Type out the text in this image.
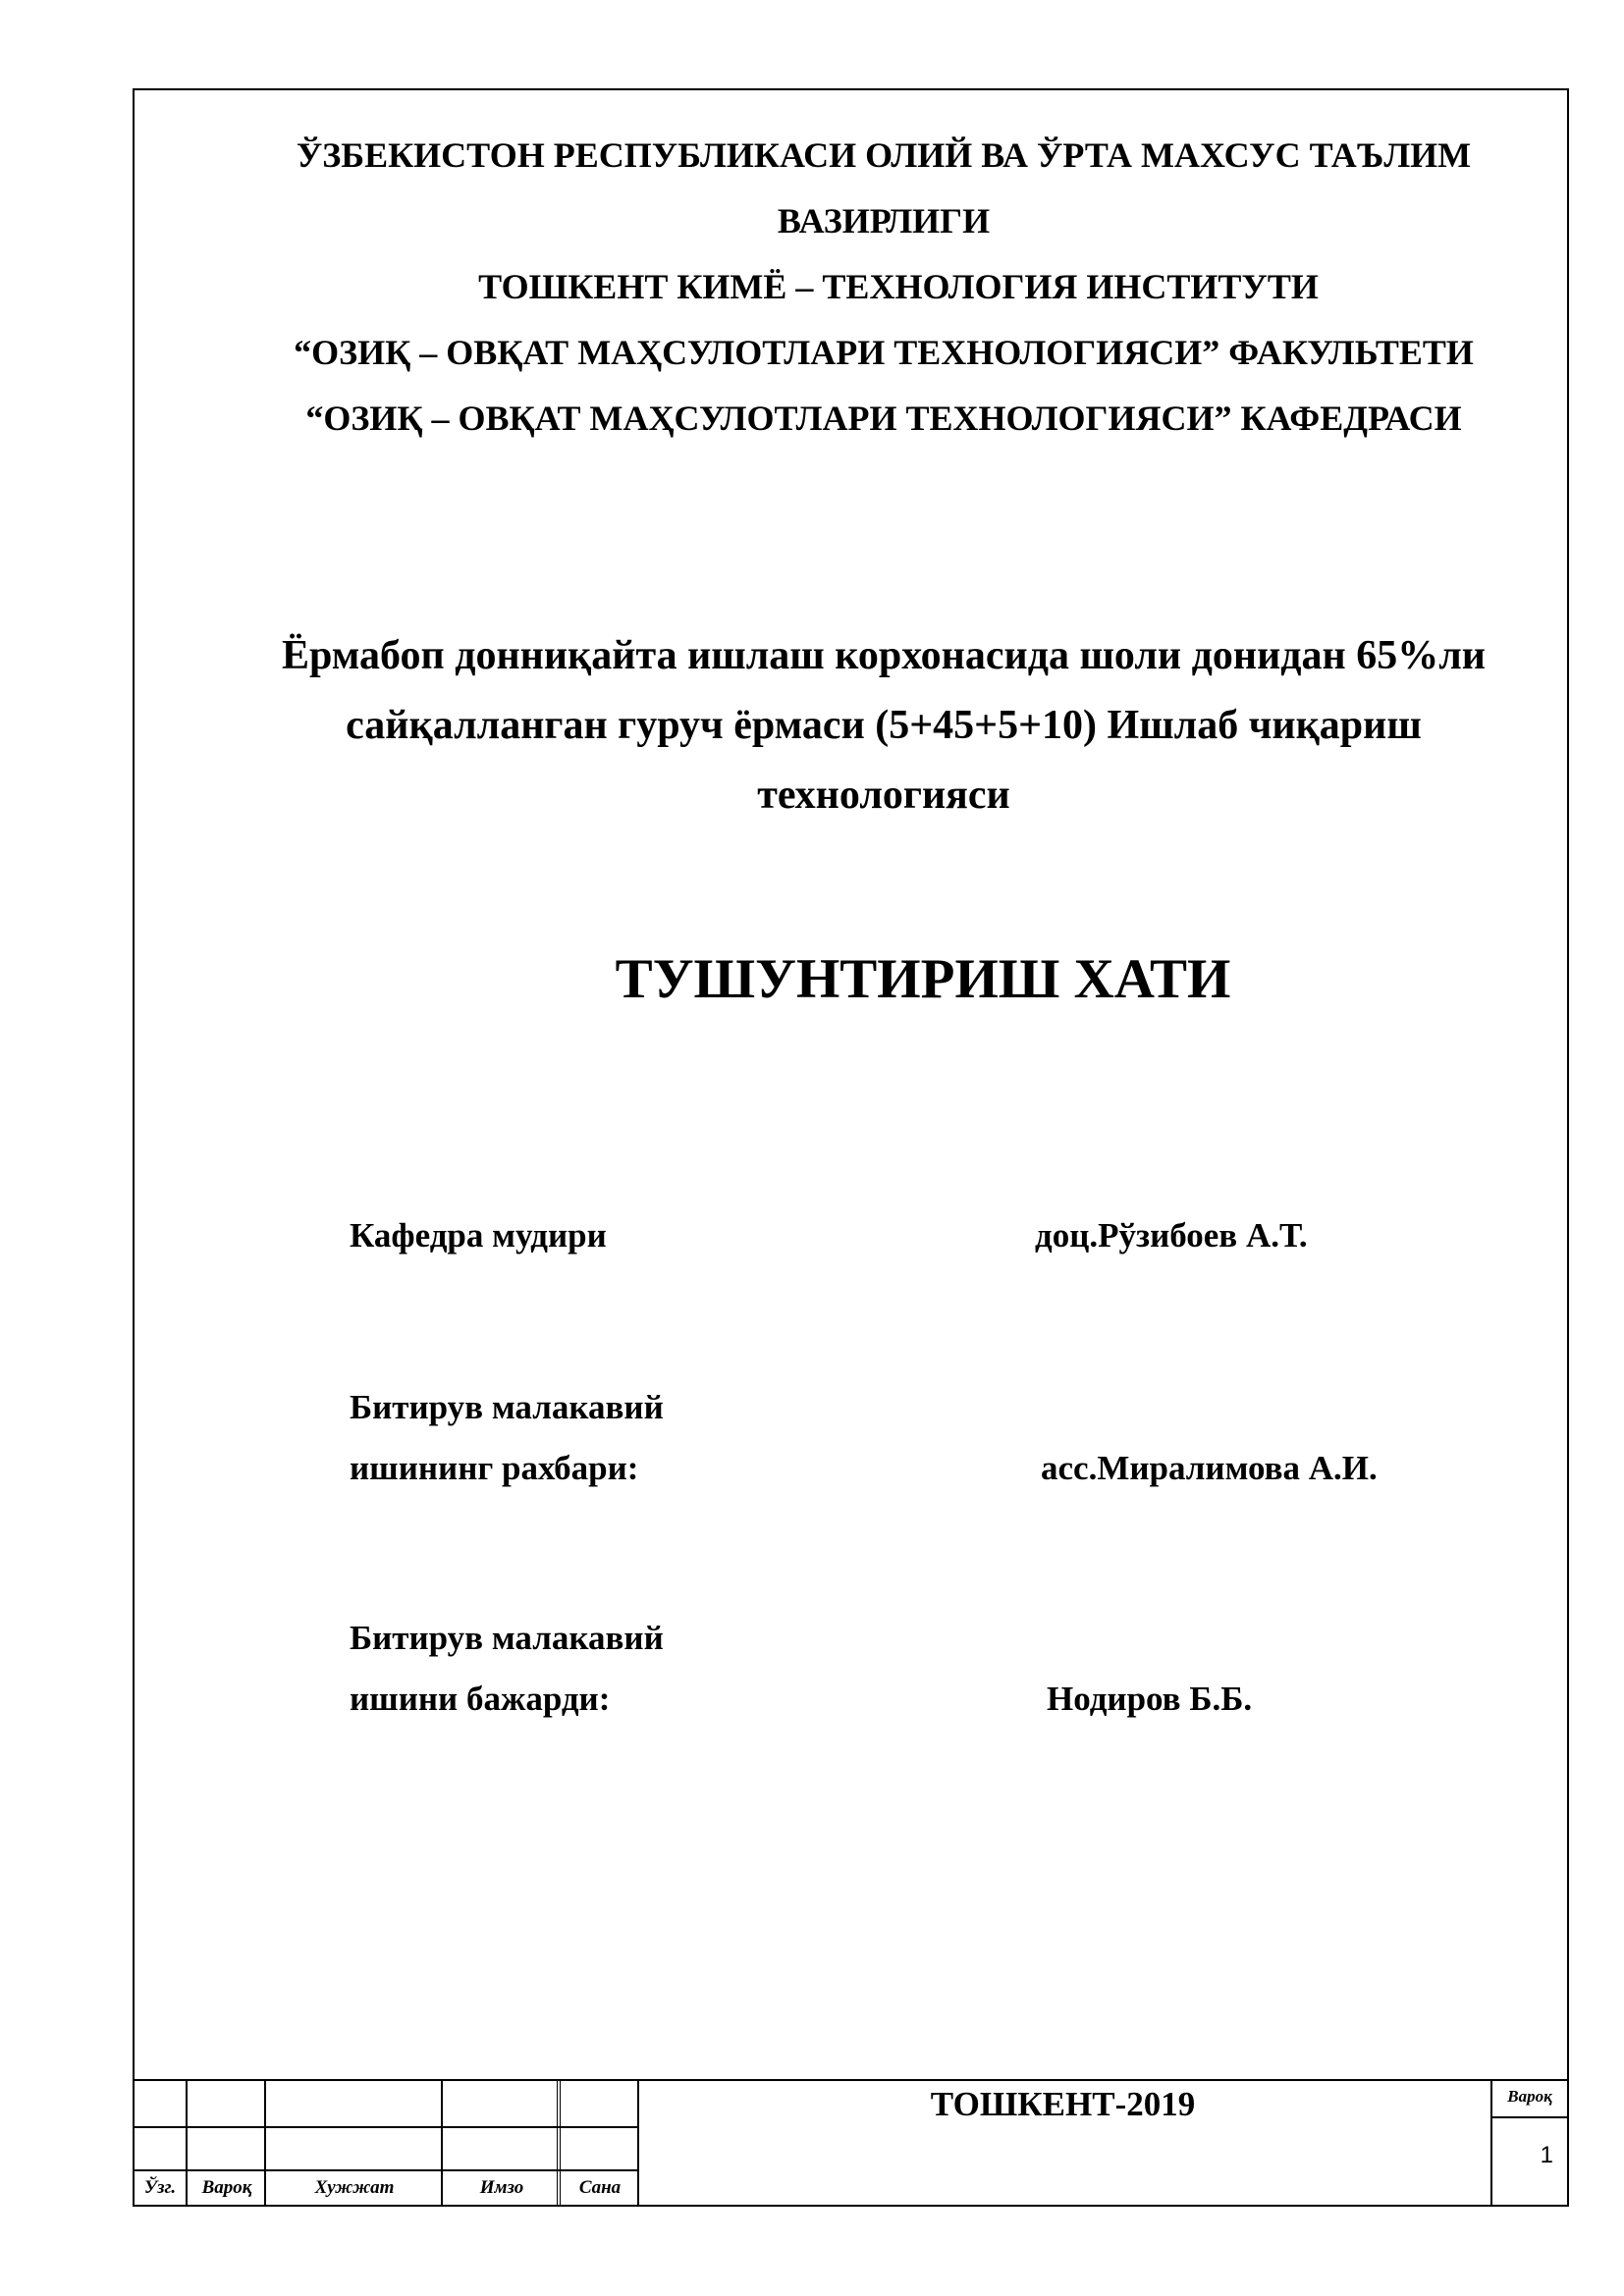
ЎЗБЕКИСТОН РЕСПУБЛИКАСИ ОЛИЙ ВА ЎРТА МАХСУС ТАЪЛИМ
ВАЗИРЛИГИ
ТОШКЕНТ КИМЁ – ТЕХНОЛОГИЯ ИНСТИТУТИ
“ОЗИҚ – ОВҚАТ МАҲСУЛОТЛАРИ ТЕХНОЛОГИЯСИ” ФАКУЛЬТЕТИ
“ОЗИҚ – ОВҚАТ МАҲСУЛОТЛАРИ ТЕХНОЛОГИЯСИ” КАФЕДРАСИ
Ёрмабоп донниқайта ишлаш корхонасида шоли донидан 65%ли
сайқалланган гуруч ёрмаси (5+45+5+10) Ишлаб чиқариш
технологияси
ТУШУНТИРИШ ХАТИ
Кафедра мудири	доц.Рўзибоев А.Т.
Битирув малакавий
ишининг рахбари:	асс.Миралимова А.И.
Битирув малакавий
ишини бажарди:	Нодиров Б.Б.
Ўзг.	Вароқ	Хужжат	Имзо	Сана
ТОШКЕНТ-2019	Вароқ
1
